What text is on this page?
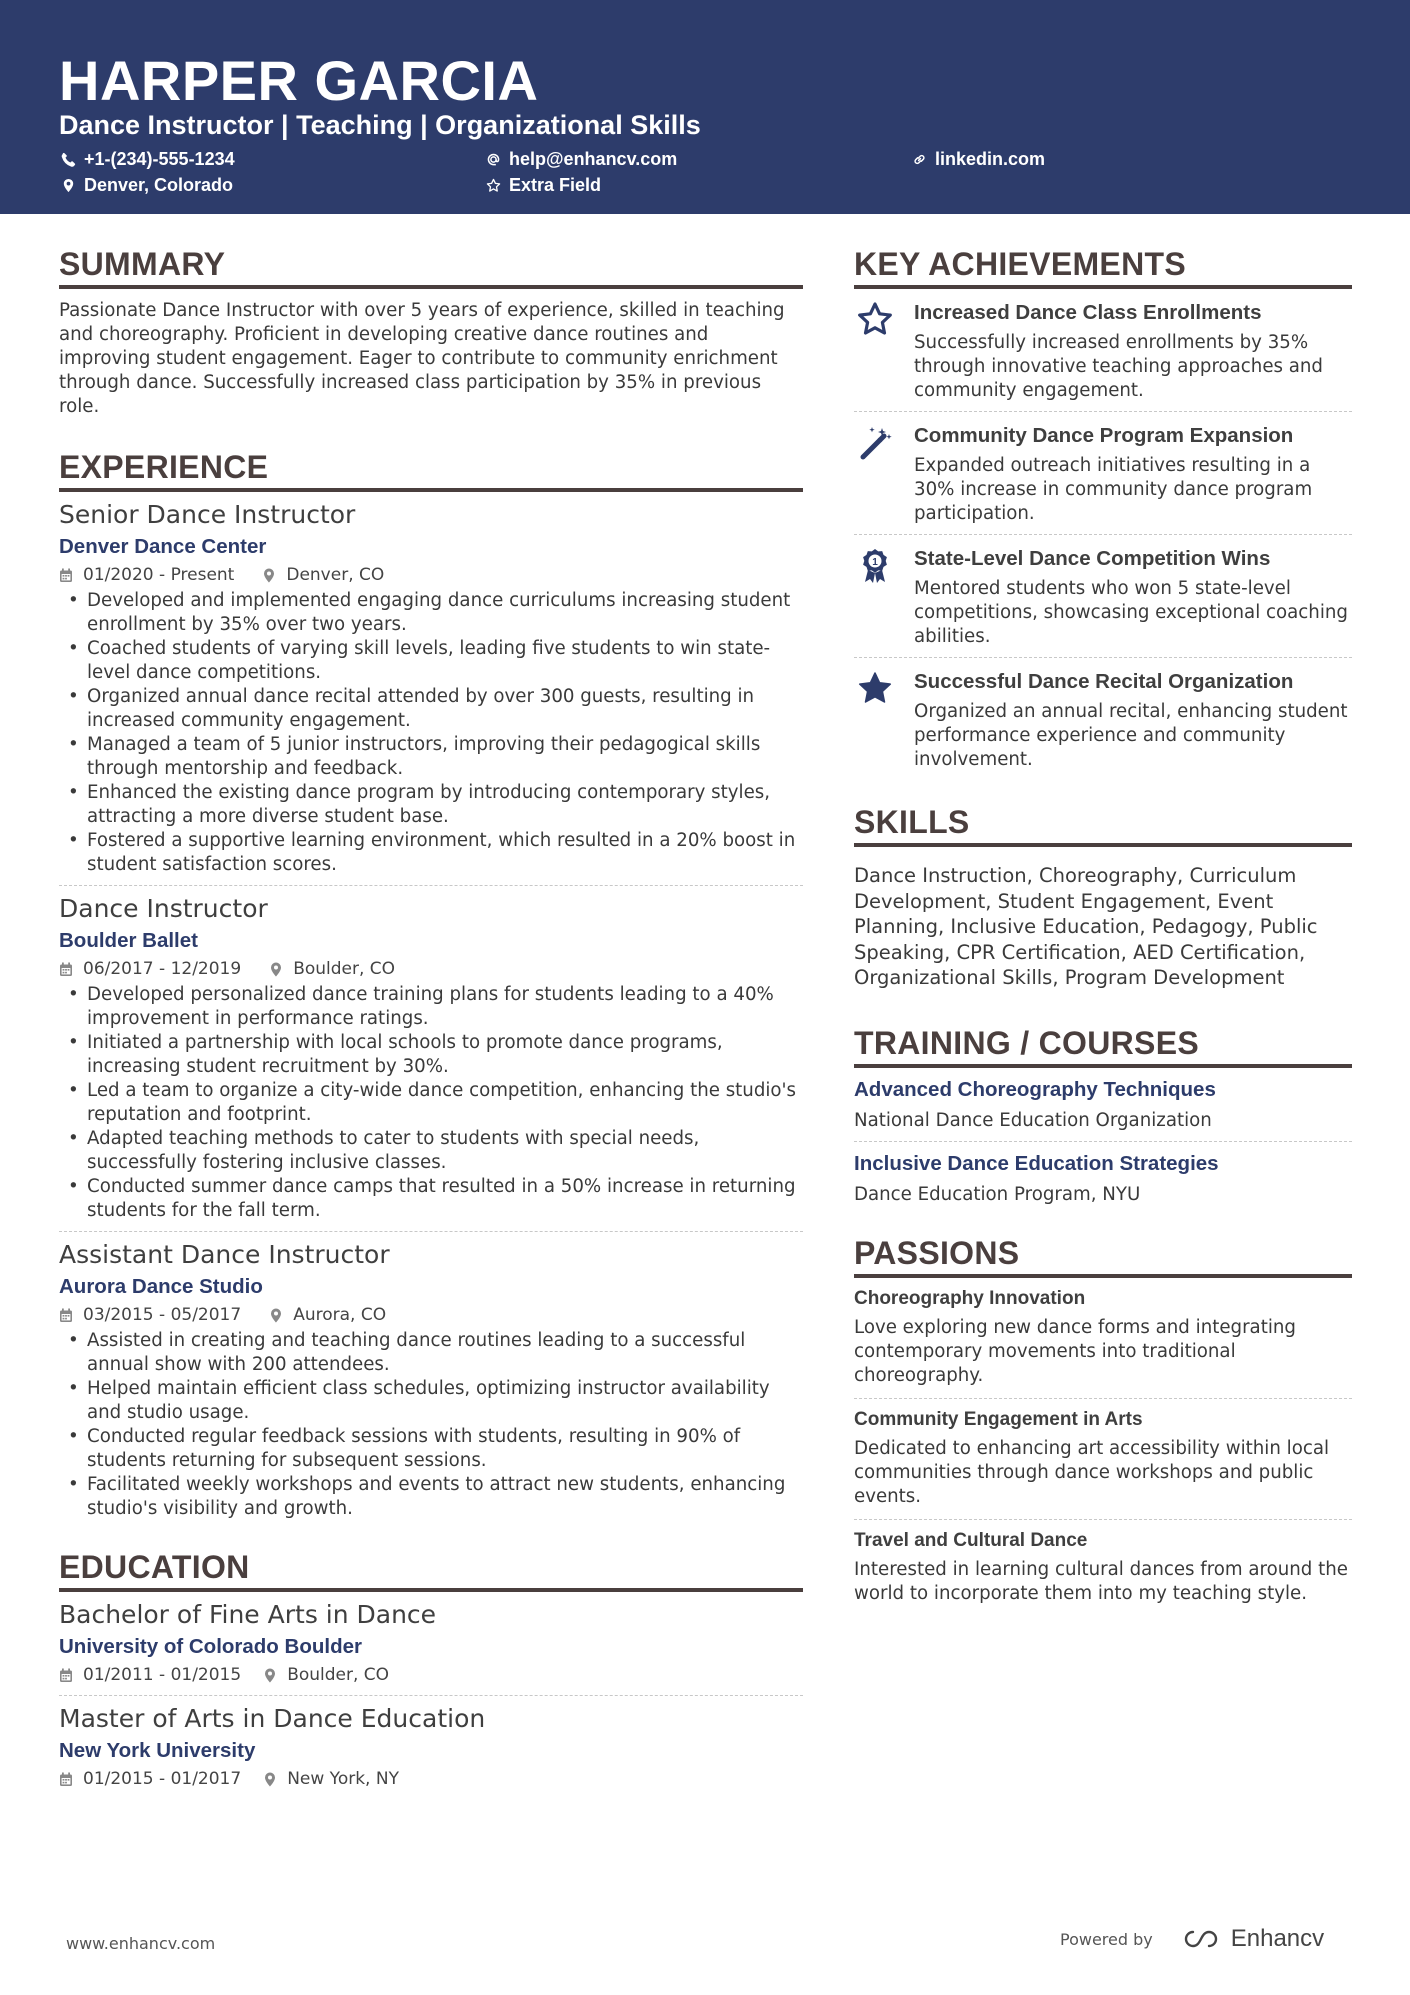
HARPER GARCIA
Dance Instructor | Teaching | Organizational Skills
+1-(234)-555-1234	help@enhancv.com	linkedin.com
Denver, Colorado	Extra Field
SUMMARY
Passionate Dance Instructor with over 5 years of experience, skilled in teaching and choreography. Proficient in developing creative dance routines and improving student engagement. Eager to contribute to community enrichment through dance. Successfully increased class participation by 35% in previous role.
EXPERIENCE
Senior Dance Instructor
Denver Dance Center
01/2020 - Present	Denver, CO
• Developed and implemented engaging dance curriculums increasing student enrollment by 35% over two years.
• Coached students of varying skill levels, leading five students to win state-level dance competitions.
• Organized annual dance recital attended by over 300 guests, resulting in increased community engagement.
• Managed a team of 5 junior instructors, improving their pedagogical skills through mentorship and feedback.
• Enhanced the existing dance program by introducing contemporary styles, attracting a more diverse student base.
• Fostered a supportive learning environment, which resulted in a 20% boost in student satisfaction scores.
Dance Instructor
Boulder Ballet
06/2017 - 12/2019	Boulder, CO
• Developed personalized dance training plans for students leading to a 40% improvement in performance ratings.
• Initiated a partnership with local schools to promote dance programs, increasing student recruitment by 30%.
• Led a team to organize a city-wide dance competition, enhancing the studio's reputation and footprint.
• Adapted teaching methods to cater to students with special needs, successfully fostering inclusive classes.
• Conducted summer dance camps that resulted in a 50% increase in returning students for the fall term.
Assistant Dance Instructor
Aurora Dance Studio
03/2015 - 05/2017	Aurora, CO
• Assisted in creating and teaching dance routines leading to a successful annual show with 200 attendees.
• Helped maintain efficient class schedules, optimizing instructor availability and studio usage.
• Conducted regular feedback sessions with students, resulting in 90% of students returning for subsequent sessions.
• Facilitated weekly workshops and events to attract new students, enhancing studio's visibility and growth.
EDUCATION
Bachelor of Fine Arts in Dance
University of Colorado Boulder
01/2011 - 01/2015	Boulder, CO
Master of Arts in Dance Education
New York University
01/2015 - 01/2017	New York, NY
KEY ACHIEVEMENTS
Increased Dance Class Enrollments
Successfully increased enrollments by 35% through innovative teaching approaches and community engagement.
Community Dance Program Expansion
Expanded outreach initiatives resulting in a 30% increase in community dance program participation.
1 State-Level Dance Competition Wins
Mentored students who won 5 state-level competitions, showcasing exceptional coaching abilities.
Successful Dance Recital Organization
Organized an annual recital, enhancing student performance experience and community involvement.
SKILLS
Dance Instruction, Choreography, Curriculum Development, Student Engagement, Event Planning, Inclusive Education, Pedagogy, Public Speaking, CPR Certification, AED Certification, Organizational Skills, Program Development
TRAINING / COURSES
Advanced Choreography Techniques
National Dance Education Organization
Inclusive Dance Education Strategies
Dance Education Program, NYU
PASSIONS
Choreography Innovation
Love exploring new dance forms and integrating contemporary movements into traditional choreography.
Community Engagement in Arts
Dedicated to enhancing art accessibility within local communities through dance workshops and public events.
Travel and Cultural Dance
Interested in learning cultural dances from around the world to incorporate them into my teaching style.
www.enhancv.com	Powered by	Enhancv
